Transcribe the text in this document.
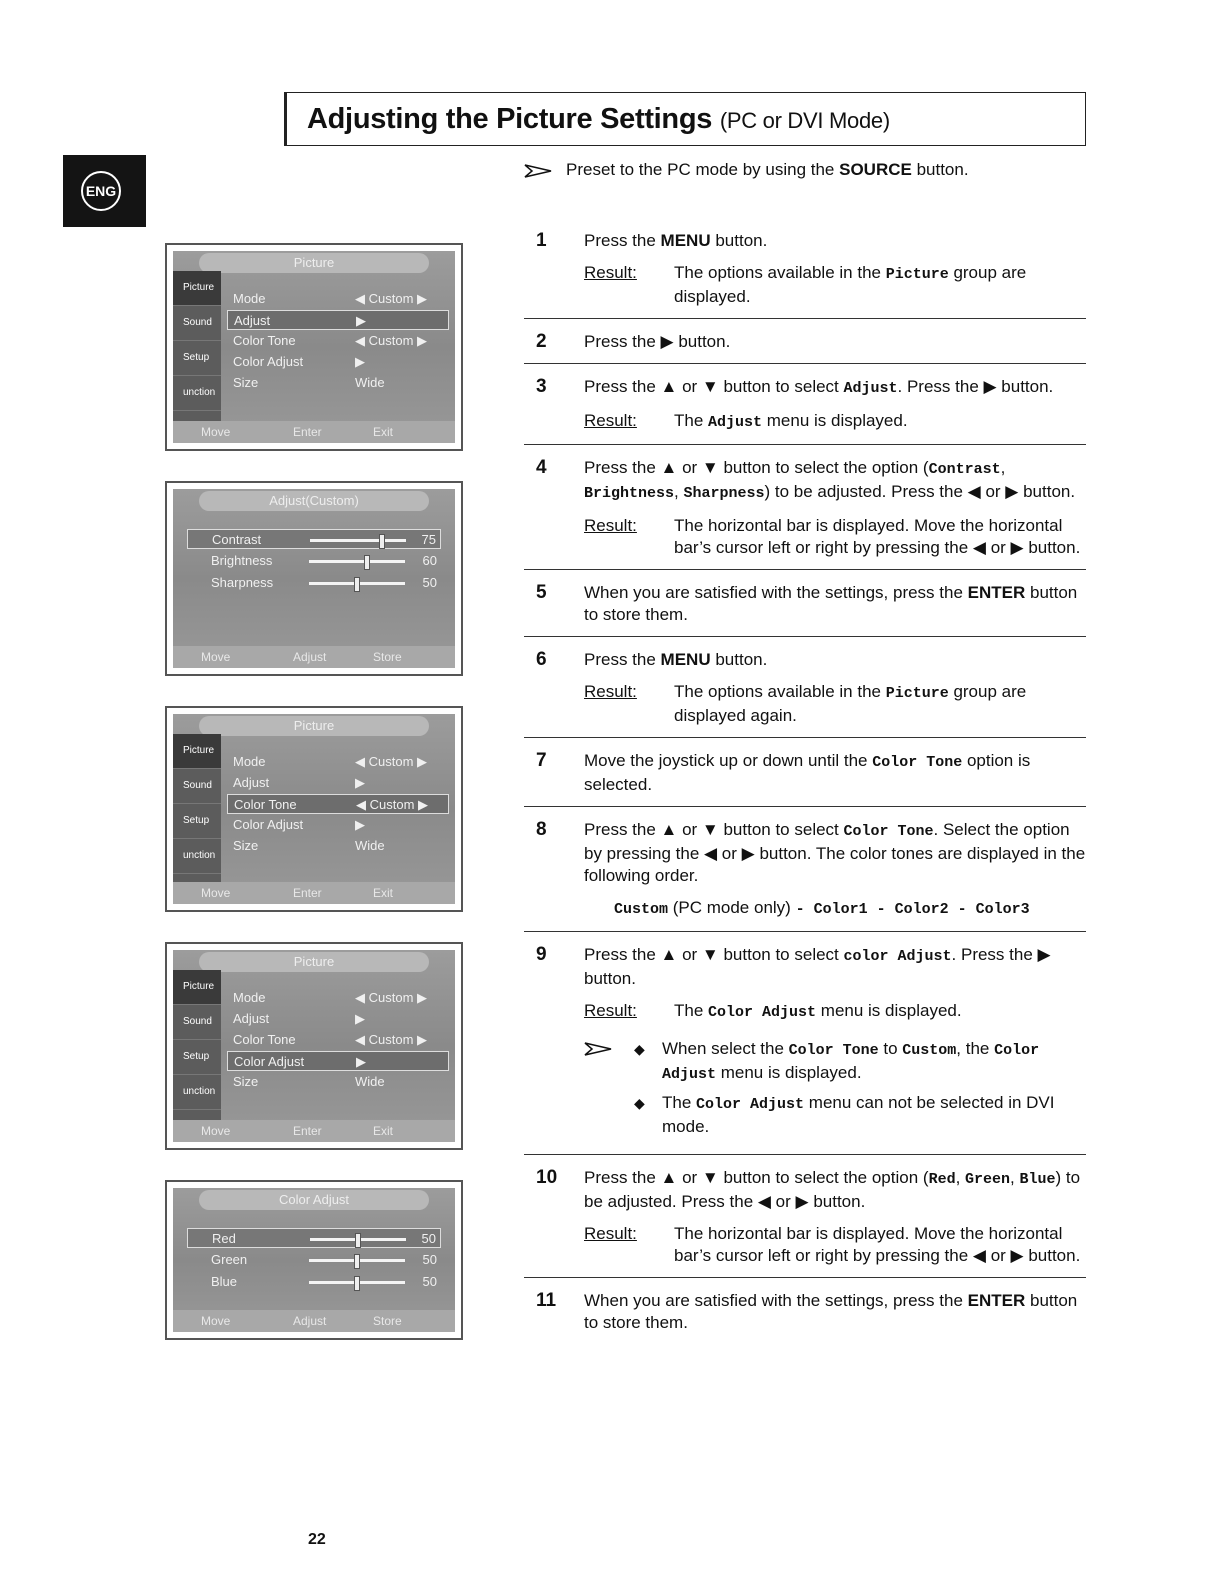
Adjusting the Picture Settings (PC or DVI Mode)
ENG
Preset to the PC mode by using the SOURCE button.
1 Press the MENU button.
Result: The options available in the Picture group are displayed.
2 Press the ▶ button.
3 Press the ▲ or ▼ button to select Adjust. Press the ▶ button.
Result: The Adjust menu is displayed.
4 Press the ▲ or ▼ button to select the option (Contrast, Brightness, Sharpness) to be adjusted. Press the ◀ or ▶ button.
Result: The horizontal bar is displayed. Move the horizontal bar’s cursor left or right by pressing the ◀ or ▶ button.
5 When you are satisfied with the settings, press the ENTER button to store them.
6 Press the MENU button.
Result: The options available in the Picture group are displayed again.
7 Move the joystick up or down until the Color Tone option is selected.
8 Press the ▲ or ▼ button to select Color Tone. Select the option by pressing the ◀ or ▶ button. The color tones are displayed in the following order.
Custom (PC mode only) - Color1 - Color2 - Color3
9 Press the ▲ or ▼ button to select color Adjust. Press the ▶ button.
Result: The Color Adjust menu is displayed.
◆ When select the Color Tone to Custom, the Color Adjust menu is displayed.
◆ The Color Adjust menu can not be selected in DVI mode.
10 Press the ▲ or ▼ button to select the option (Red, Green, Blue) to be adjusted. Press the ◀ or ▶ button.
Result: The horizontal bar is displayed. Move the horizontal bar’s cursor left or right by pressing the ◀ or ▶ button.
11 When you are satisfied with the settings, press the ENTER button to store them.
Picture
Picture
Sound
Setup
unction
Mode	◀ Custom ▶
Adjust	▶
Color Tone	◀ Custom ▶
Color Adjust	▶
Size	Wide
Move	Enter	Exit
Adjust(Custom)
Contrast	75
Brightness	60
Sharpness	50
Move	Adjust	Store
Picture
Picture
Sound
Setup
unction
Mode	◀ Custom ▶
Adjust	▶
Color Tone	◀ Custom ▶
Color Adjust	▶
Size	Wide
Move	Enter	Exit
Picture
Picture
Sound
Setup
unction
Mode	◀ Custom ▶
Adjust	▶
Color Tone	◀ Custom ▶
Color Adjust	▶
Size	Wide
Move	Enter	Exit
Color Adjust
Red	50
Green	50
Blue	50
Move	Adjust	Store
22
